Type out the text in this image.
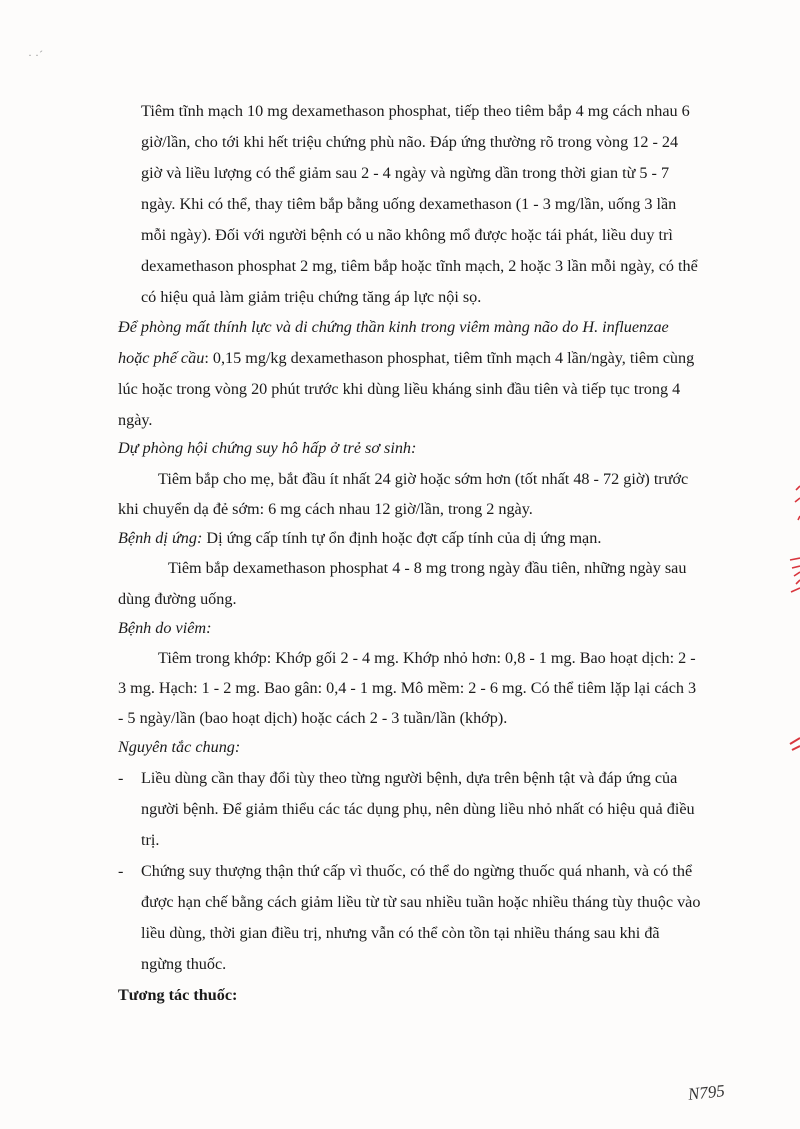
· ·ˊ
Tiêm tĩnh mạch 10 mg dexamethason phosphat, tiếp theo tiêm bắp 4 mg cách nhau 6
giờ/lần, cho tới khi hết triệu chứng phù não. Đáp ứng thường rõ trong vòng 12 - 24
giờ và liều lượng có thể giảm sau 2 - 4 ngày và ngừng dần trong thời gian từ 5 - 7
ngày. Khi có thể, thay tiêm bắp bằng uống dexamethason (1 - 3 mg/lần, uống 3 lần
mỗi ngày). Đối với người bệnh có u não không mổ được hoặc tái phát, liều duy trì
dexamethason phosphat 2 mg, tiêm bắp hoặc tĩnh mạch, 2 hoặc 3 lần mỗi ngày, có thể
có hiệu quả làm giảm triệu chứng tăng áp lực nội sọ.
Để phòng mất thính lực và di chứng thần kinh trong viêm màng não do H. influenzae
hoặc phế cầu: 0,15 mg/kg dexamethason phosphat, tiêm tĩnh mạch 4 lần/ngày, tiêm cùng
lúc hoặc trong vòng 20 phút trước khi dùng liều kháng sinh đầu tiên và tiếp tục trong 4
ngày.
Dự phòng hội chứng suy hô hấp ở trẻ sơ sinh:
Tiêm bắp cho mẹ, bắt đầu ít nhất 24 giờ hoặc sớm hơn (tốt nhất 48 - 72 giờ) trước
khi chuyển dạ đẻ sớm: 6 mg cách nhau 12 giờ/lần, trong 2 ngày.
Bệnh dị ứng: Dị ứng cấp tính tự ổn định hoặc đợt cấp tính của dị ứng mạn.
Tiêm bắp dexamethason phosphat 4 - 8 mg trong ngày đầu tiên, những ngày sau
dùng đường uống.
Bệnh do viêm:
Tiêm trong khớp: Khớp gối 2 - 4 mg. Khớp nhỏ hơn: 0,8 - 1 mg. Bao hoạt dịch: 2 -
3 mg. Hạch: 1 - 2 mg. Bao gân: 0,4 - 1 mg. Mô mềm: 2 - 6 mg. Có thể tiêm lặp lại cách 3
- 5 ngày/lần (bao hoạt dịch) hoặc cách 2 - 3 tuần/lần (khớp).
Nguyên tắc chung:
- Liều dùng cần thay đổi tùy theo từng người bệnh, dựa trên bệnh tật và đáp ứng của
người bệnh. Để giảm thiểu các tác dụng phụ, nên dùng liều nhỏ nhất có hiệu quả điều
trị.
- Chứng suy thượng thận thứ cấp vì thuốc, có thể do ngừng thuốc quá nhanh, và có thể
được hạn chế bằng cách giảm liều từ từ sau nhiều tuần hoặc nhiều tháng tùy thuộc vào
liều dùng, thời gian điều trị, nhưng vẫn có thể còn tồn tại nhiều tháng sau khi đã
ngừng thuốc.
Tương tác thuốc:
N795
